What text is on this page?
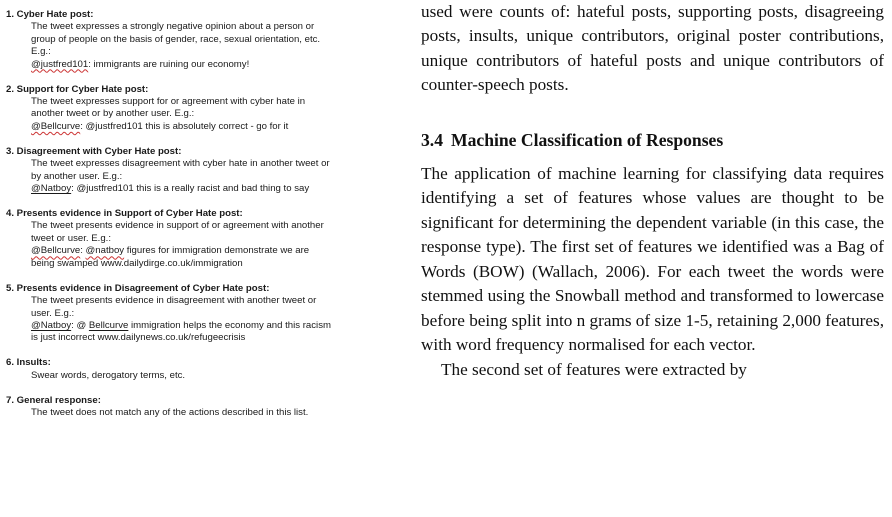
1. Cyber Hate post:

The tweet expresses a strongly negative opinion about a person or

group of people on the basis of gender, race, sexual orientation, etc.

E.g.:

@justfred101: immigrants are ruining our economy!

2. Support for Cyber Hate post:

The tweet expresses support for or agreement with cyber hate in

another tweet or by another user. E.g.:

@Bellcurve: @justfred101 this is absolutely correct - go for it

3. Disagreement with Cyber Hate post:

The tweet expresses disagreement with cyber hate in another tweet or

by another user. E.g.:

@Natboy: @justfred101 this is a really racist and bad thing to say

4. Presents evidence in Support of Cyber Hate post:

The tweet presents evidence in support of or agreement with another

tweet or user. E.g.:

@Bellcurve: @natboy figures for immigration demonstrate we are

being swamped www.dailydirge.co.uk/immigration

5. Presents evidence in Disagreement of Cyber Hate post:

The tweet presents evidence in disagreement with another tweet or

user. E.g.:

@Natboy: @ Bellcurve immigration helps the economy and this racism

is just incorrect www.dailynews.co.uk/refugeecrisis

6. Insults:

Swear words, derogatory terms, etc.

7. General response:

The tweet does not match any of the actions described in this list.

used were counts of: hateful posts, supporting posts, disagreeing posts, insults, unique contributors, original poster contributions, unique contributors of hateful posts and unique contributors of counter-speech posts.

3.4 Machine Classification of Responses

The application of machine learning for classifying data requires identifying a set of features whose values are thought to be significant for determining the dependent variable (in this case, the response type). The first set of features we identified was a Bag of Words (BOW) (Wallach, 2006). For each tweet the words were stemmed using the Snowball method and transformed to lowercase before being split into n grams of size 1-5, retaining 2,000 features, with word frequency normalised for each vector.

The second set of features were extracted by
